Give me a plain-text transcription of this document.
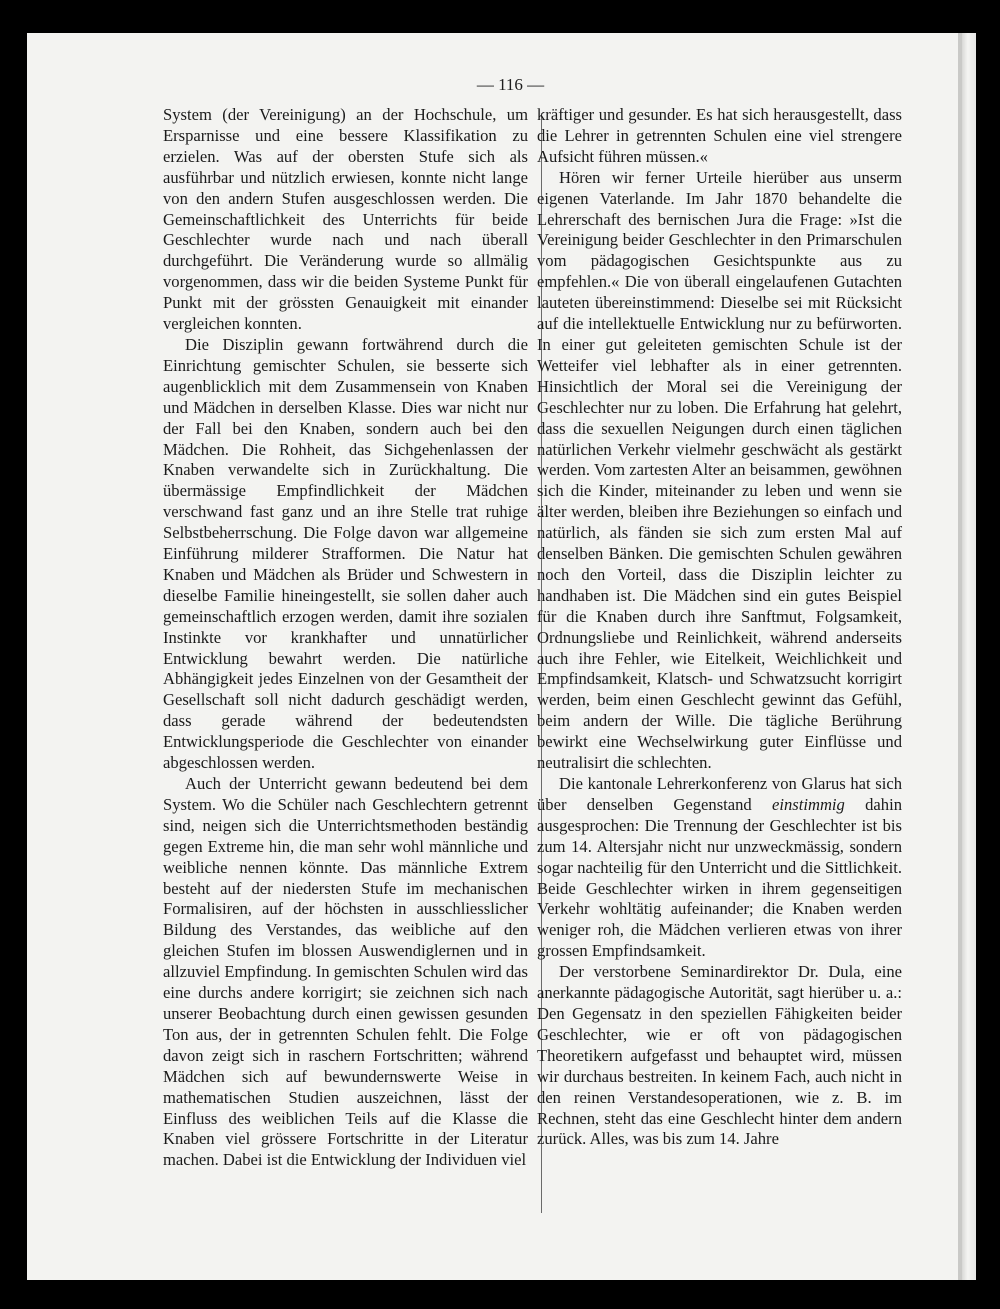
— 116 —

System (der Vereinigung) an der Hochschule, um Ersparnisse und eine bessere Klassifikation zu erzielen. Was auf der obersten Stufe sich als ausführbar und nützlich erwiesen, konnte nicht lange von den andern Stufen ausgeschlossen werden. Die Gemeinschaftlichkeit des Unterrichts für beide Geschlechter wurde nach und nach überall durchgeführt. Die Veränderung wurde so allmälig vorgenommen, dass wir die beiden Systeme Punkt für Punkt mit der grössten Genauigkeit mit einander vergleichen konnten.

Die Disziplin gewann fortwährend durch die Einrichtung gemischter Schulen, sie besserte sich augenblicklich mit dem Zusammensein von Knaben und Mädchen in derselben Klasse. Dies war nicht nur der Fall bei den Knaben, sondern auch bei den Mädchen. Die Rohheit, das Sichgehenlassen der Knaben verwandelte sich in Zurückhaltung. Die übermässige Empfindlichkeit der Mädchen verschwand fast ganz und an ihre Stelle trat ruhige Selbstbeherrschung. Die Folge davon war allgemeine Einführung milderer Strafformen. Die Natur hat Knaben und Mädchen als Brüder und Schwestern in dieselbe Familie hineingestellt, sie sollen daher auch gemeinschaftlich erzogen werden, damit ihre sozialen Instinkte vor krankhafter und unnatürlicher Entwicklung bewahrt werden. Die natürliche Abhängigkeit jedes Einzelnen von der Gesamtheit der Gesellschaft soll nicht dadurch geschädigt werden, dass gerade während der bedeutendsten Entwicklungsperiode die Geschlechter von einander abgeschlossen werden.

Auch der Unterricht gewann bedeutend bei dem System. Wo die Schüler nach Geschlechtern getrennt sind, neigen sich die Unterrichtsmethoden beständig gegen Extreme hin, die man sehr wohl männliche und weibliche nennen könnte. Das männliche Extrem besteht auf der niedersten Stufe im mechanischen Formalisiren, auf der höchsten in ausschliesslicher Bildung des Verstandes, das weibliche auf den gleichen Stufen im blossen Auswendiglernen und in allzuviel Empfindung. In gemischten Schulen wird das eine durchs andere korrigirt; sie zeichnen sich nach unserer Beobachtung durch einen gewissen gesunden Ton aus, der in getrennten Schulen fehlt. Die Folge davon zeigt sich in raschern Fortschritten; während Mädchen sich auf bewundernswerte Weise in mathematischen Studien auszeichnen, lässt der Einfluss des weiblichen Teils auf die Klasse die Knaben viel grössere Fortschritte in der Literatur machen. Dabei ist die Entwicklung der Individuen viel

kräftiger und gesunder. Es hat sich herausgestellt, dass die Lehrer in getrennten Schulen eine viel strengere Aufsicht führen müssen.«

Hören wir ferner Urteile hierüber aus unserm eigenen Vaterlande. Im Jahr 1870 behandelte die Lehrerschaft des bernischen Jura die Frage: »Ist die Vereinigung beider Geschlechter in den Primarschulen vom pädagogischen Gesichtspunkte aus zu empfehlen.« Die von überall eingelaufenen Gutachten lauteten übereinstimmend: Dieselbe sei mit Rücksicht auf die intellektuelle Entwicklung nur zu befürworten. In einer gut geleiteten gemischten Schule ist der Wetteifer viel lebhafter als in einer getrennten. Hinsichtlich der Moral sei die Vereinigung der Geschlechter nur zu loben. Die Erfahrung hat gelehrt, dass die sexuellen Neigungen durch einen täglichen natürlichen Verkehr vielmehr geschwächt als gestärkt werden. Vom zartesten Alter an beisammen, gewöhnen sich die Kinder, miteinander zu leben und wenn sie älter werden, bleiben ihre Beziehungen so einfach und natürlich, als fänden sie sich zum ersten Mal auf denselben Bänken. Die gemischten Schulen gewähren noch den Vorteil, dass die Disziplin leichter zu handhaben ist. Die Mädchen sind ein gutes Beispiel für die Knaben durch ihre Sanftmut, Folgsamkeit, Ordnungsliebe und Reinlichkeit, während anderseits auch ihre Fehler, wie Eitelkeit, Weichlichkeit und Empfindsamkeit, Klatsch- und Schwatzsucht korrigirt werden, beim einen Geschlecht gewinnt das Gefühl, beim andern der Wille. Die tägliche Berührung bewirkt eine Wechselwirkung guter Einflüsse und neutralisirt die schlechten.

Die kantonale Lehrerkonferenz von Glarus hat sich über denselben Gegenstand einstimmig dahin ausgesprochen: Die Trennung der Geschlechter ist bis zum 14. Altersjahr nicht nur unzweckmässig, sondern sogar nachteilig für den Unterricht und die Sittlichkeit. Beide Geschlechter wirken in ihrem gegenseitigen Verkehr wohltätig aufeinander; die Knaben werden weniger roh, die Mädchen verlieren etwas von ihrer grossen Empfindsamkeit.

Der verstorbene Seminardirektor Dr. Dula, eine anerkannte pädagogische Autorität, sagt hierüber u. a.: Den Gegensatz in den speziellen Fähigkeiten beider Geschlechter, wie er oft von pädagogischen Theoretikern aufgefasst und behauptet wird, müssen wir durchaus bestreiten. In keinem Fach, auch nicht in den reinen Verstandesoperationen, wie z. B. im Rechnen, steht das eine Geschlecht hinter dem andern zurück. Alles, was bis zum 14. Jahre
